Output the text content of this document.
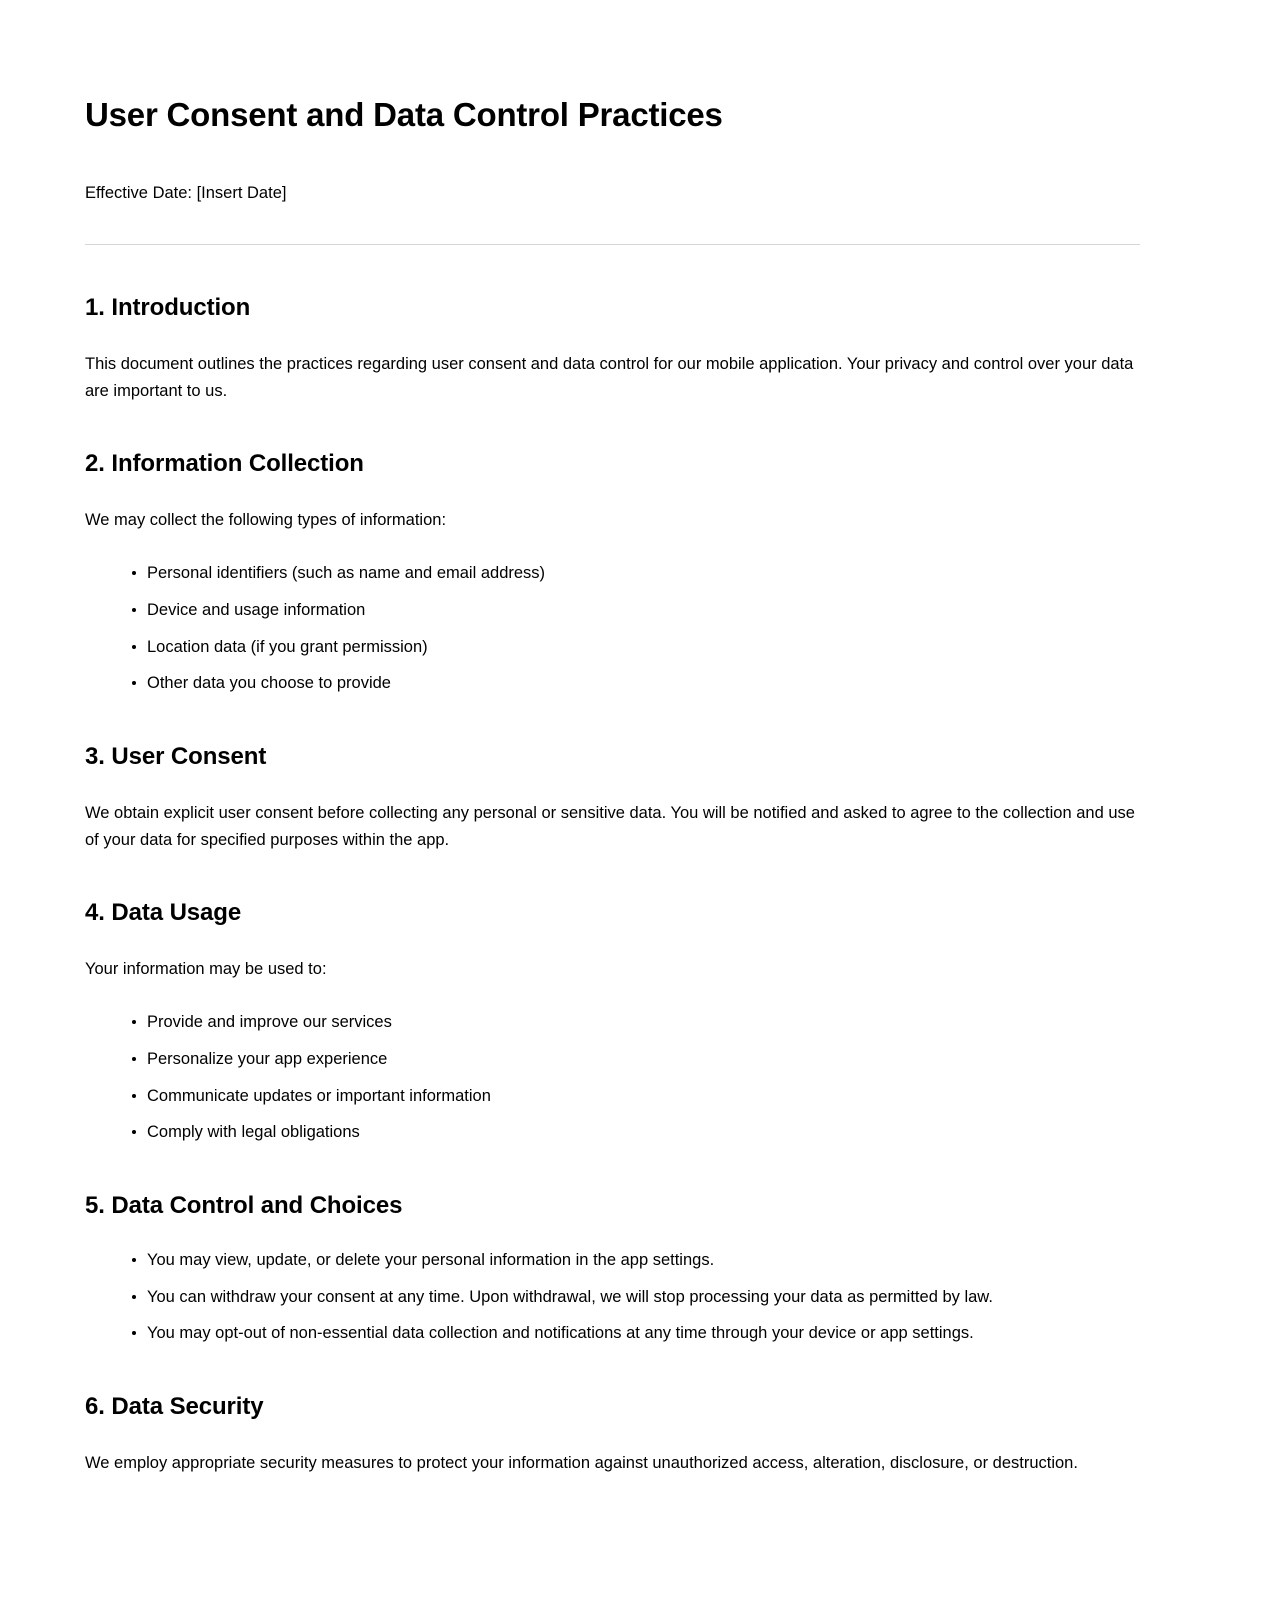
User Consent and Data Control Practices

Effective Date: [Insert Date]

1. Introduction

This document outlines the practices regarding user consent and data control for our mobile application. Your privacy and control over your data are important to us.

2. Information Collection

We may collect the following types of information:

Personal identifiers (such as name and email address)
Device and usage information
Location data (if you grant permission)
Other data you choose to provide
3. User Consent

We obtain explicit user consent before collecting any personal or sensitive data. You will be notified and asked to agree to the collection and use of your data for specified purposes within the app.

4. Data Usage

Your information may be used to:

Provide and improve our services
Personalize your app experience
Communicate updates or important information
Comply with legal obligations
5. Data Control and Choices
You may view, update, or delete your personal information in the app settings.
You can withdraw your consent at any time. Upon withdrawal, we will stop processing your data as permitted by law.
You may opt-out of non-essential data collection and notifications at any time through your device or app settings.
6. Data Security

We employ appropriate security measures to protect your information against unauthorized access, alteration, disclosure, or destruction.
